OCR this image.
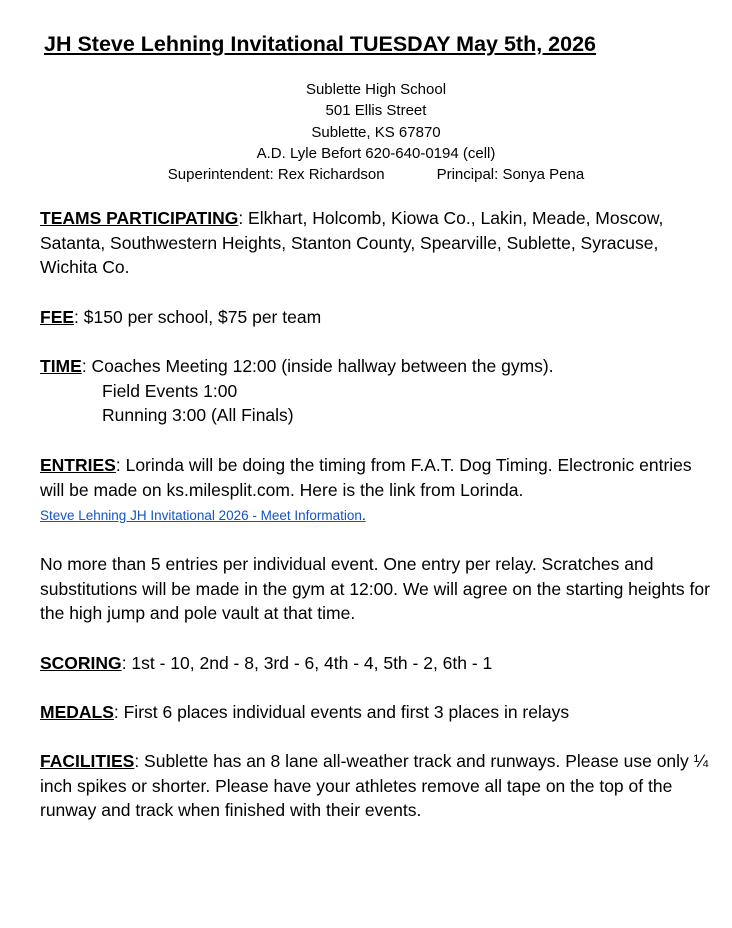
JH Steve Lehning Invitational TUESDAY May 5th, 2026
Sublette High School
501 Ellis Street
Sublette, KS 67870
A.D. Lyle Befort 620-640-0194 (cell)
Superintendent: Rex Richardson	Principal: Sonya Pena

TEAMS PARTICIPATING: Elkhart, Holcomb, Kiowa Co., Lakin, Meade, Moscow, Satanta, Southwestern Heights, Stanton County, Spearville, Sublette, Syracuse, Wichita Co.

FEE: $150 per school, $75 per team

TIME: Coaches Meeting 12:00 (inside hallway between the gyms).
Field Events 1:00
Running 3:00 (All Finals)

ENTRIES: Lorinda will be doing the timing from F.A.T. Dog Timing. Electronic entries will be made on ks.milesplit.com. Here is the link from Lorinda.

Steve Lehning JH Invitational 2026 - Meet Information.

No more than 5 entries per individual event. One entry per relay. Scratches and substitutions will be made in the gym at 12:00. We will agree on the starting heights for the high jump and pole vault at that time.

SCORING: 1st - 10, 2nd - 8, 3rd - 6, 4th - 4, 5th - 2, 6th - 1

MEDALS: First 6 places individual events and first 3 places in relays

FACILITIES: Sublette has an 8 lane all-weather track and runways. Please use only ¼ inch spikes or shorter. Please have your athletes remove all tape on the top of the runway and track when finished with their events.
